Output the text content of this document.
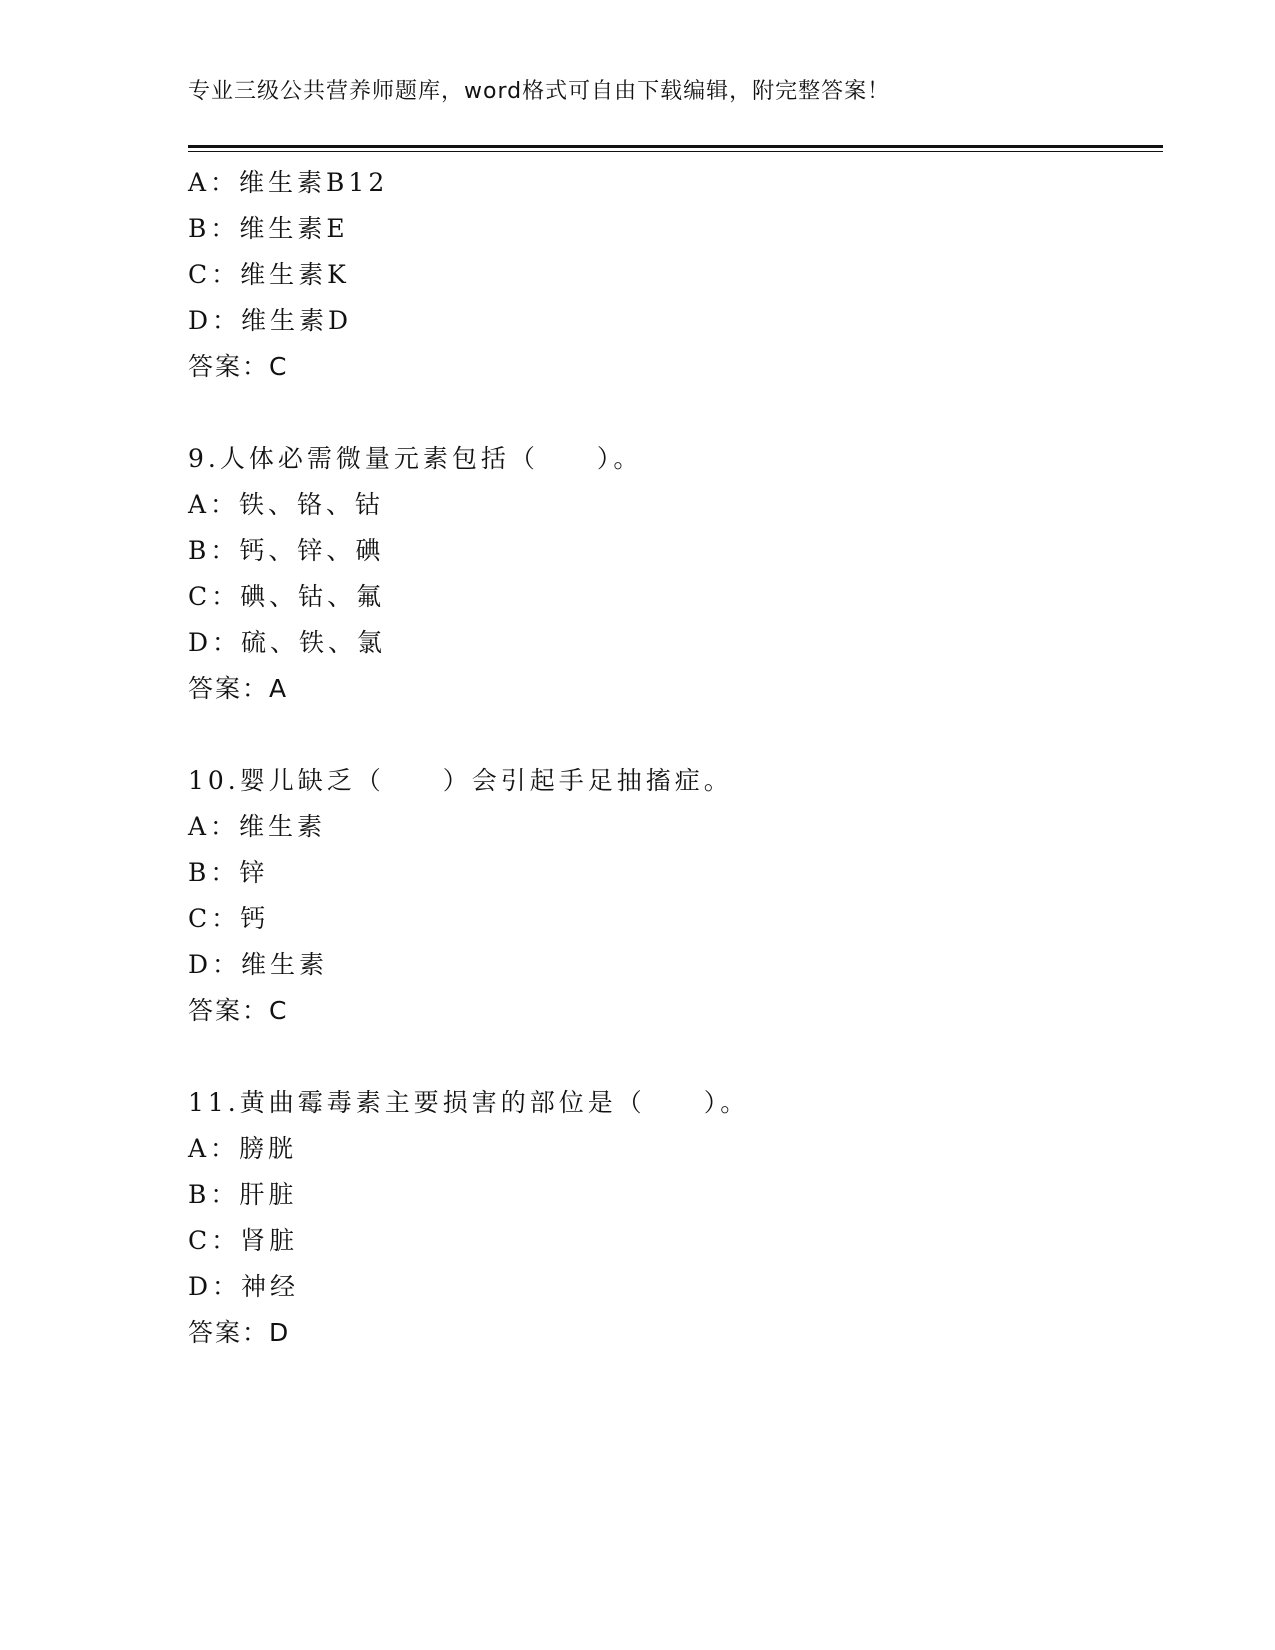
专业三级公共营养师题库，word格式可自由下载编辑，附完整答案！
A：维生素B12
B：维生素E
C：维生素K
D：维生素D
答案：C
9.人体必需微量元素包括（　　）。
A：铁、铬、钴
B：钙、锌、碘
C：碘、钴、氟
D：硫、铁、氯
答案：A
10.婴儿缺乏（　　）会引起手足抽搐症。
A：维生素
B：锌
C：钙
D：维生素
答案：C
11.黄曲霉毒素主要损害的部位是（　　）。
A：膀胱
B：肝脏
C：肾脏
D：神经
答案：D
